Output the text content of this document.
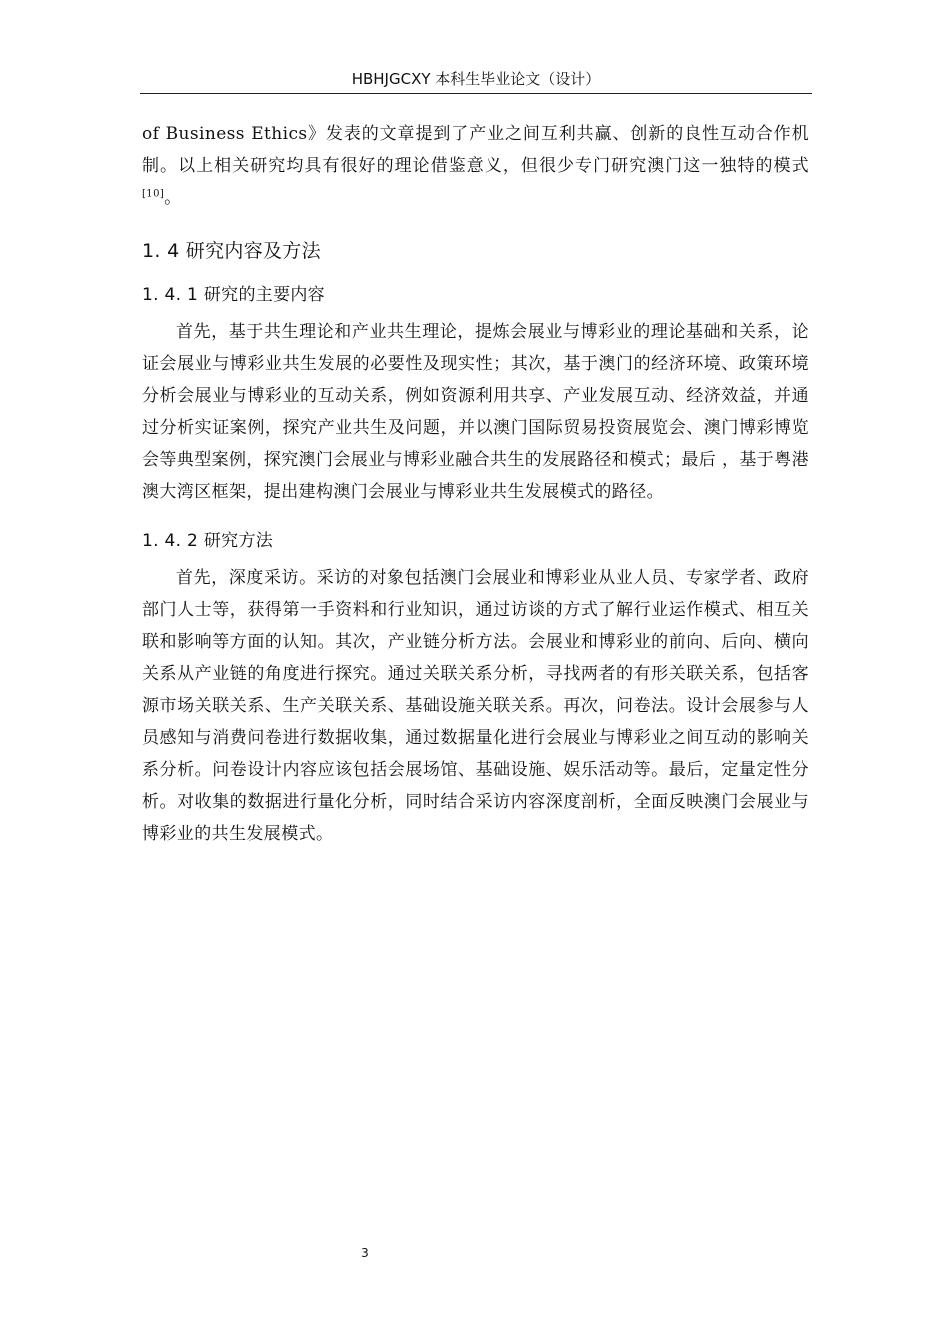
HBHJGCXY 本科生毕业论文（设计）

of Business Ethics》发表的文章提到了产业之间互利共赢、创新的良性互动合作机制。以上相关研究均具有很好的理论借鉴意义，但很少专门研究澳门这一独特的模式[10]。

1. 4 研究内容及方法
1. 4. 1 研究的主要内容

首先，基于共生理论和产业共生理论，提炼会展业与博彩业的理论基础和关系，论证会展业与博彩业共生发展的必要性及现实性；其次，基于澳门的经济环境、政策环境分析会展业与博彩业的互动关系，例如资源利用共享、产业发展互动、经济效益，并通过分析实证案例，探究产业共生及问题，并以澳门国际贸易投资展览会、澳门博彩博览会等典型案例，探究澳门会展业与博彩业融合共生的发展路径和模式；最后 ，基于粤港澳大湾区框架，提出建构澳门会展业与博彩业共生发展模式的路径。

1. 4. 2 研究方法

首先，深度采访。采访的对象包括澳门会展业和博彩业从业人员、专家学者、政府部门人士等，获得第一手资料和行业知识，通过访谈的方式了解行业运作模式、相互关联和影响等方面的认知。其次，产业链分析方法。会展业和博彩业的前向、后向、横向关系从产业链的角度进行探究。通过关联关系分析，寻找两者的有形关联关系，包括客源市场关联关系、生产关联关系、基础设施关联关系。再次，问卷法。设计会展参与人员感知与消费问卷进行数据收集，通过数据量化进行会展业与博彩业之间互动的影响关系分析。问卷设计内容应该包括会展场馆、基础设施、娱乐活动等。最后，定量定性分析。对收集的数据进行量化分析，同时结合采访内容深度剖析，全面反映澳门会展业与博彩业的共生发展模式。

3
